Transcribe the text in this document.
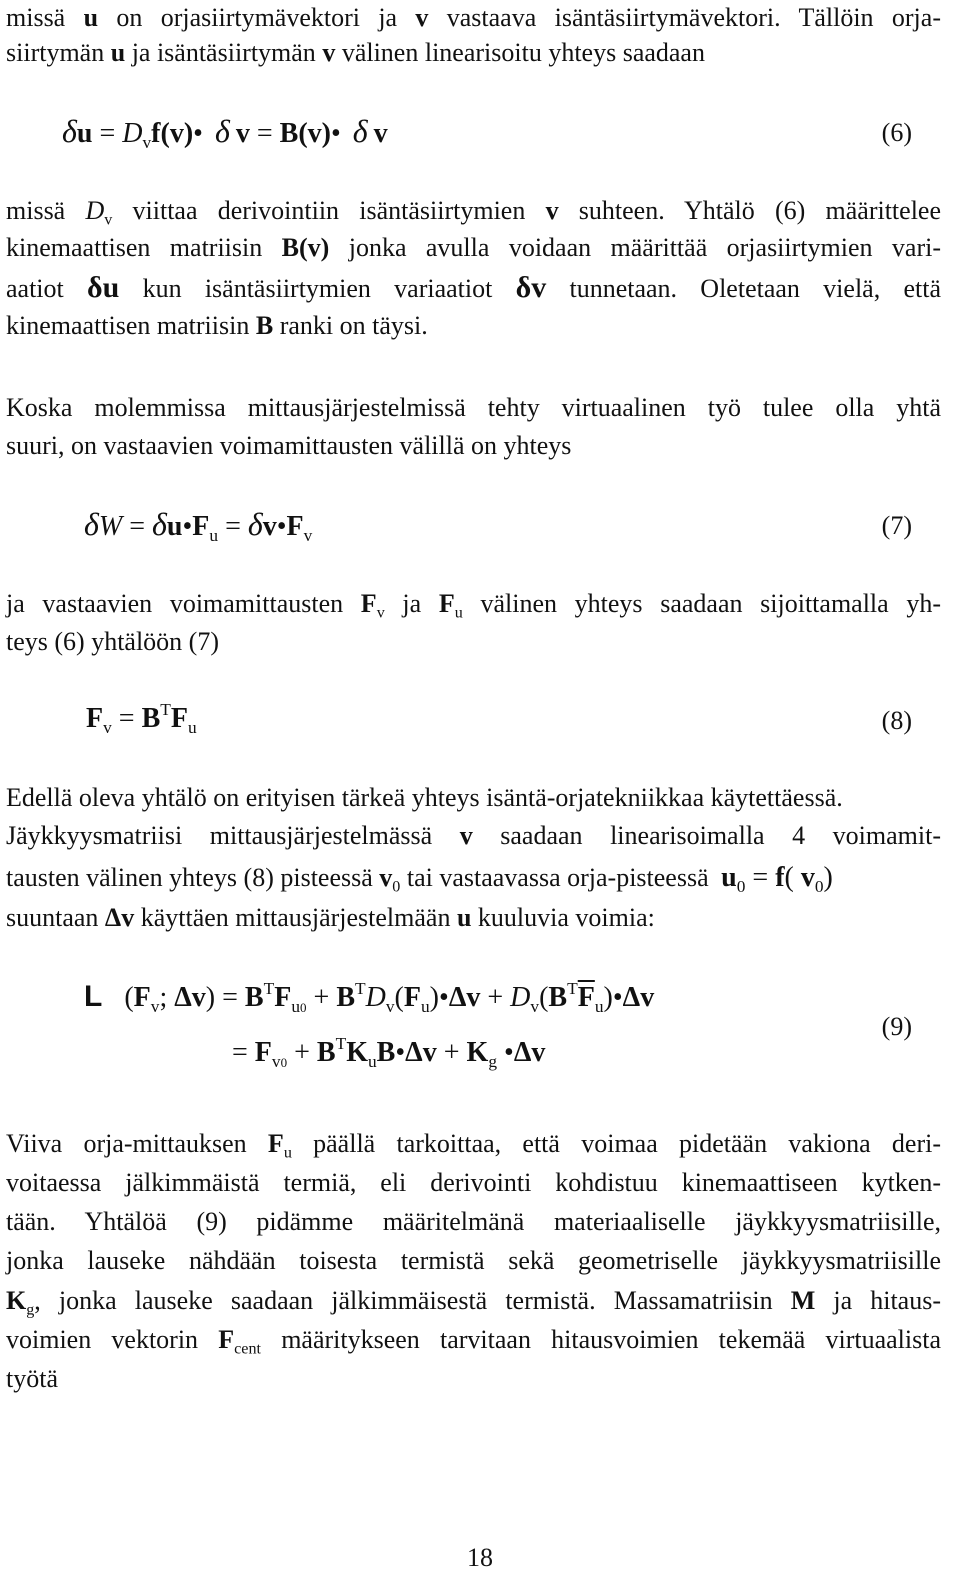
missä u on orjasiirtymävektori ja v vastaava isäntäsiirtymävektori. Tällöin orja-

siirtymän u ja isäntäsiirtymän v välinen linearisoitu yhteys saadaan

$\delta u = D_vf(v)•$ δ v = B(v)• δ v	(6)

missä $D_v$ viittaa derivointiin isäntäsiirtymien v suhteen. Yhtälö (6) määrittelee

kinemaattisen matriisin B(v) jonka avulla voidaan määrittää orjasiirtymien vari-

aatiot δu kun isäntäsiirtymien variaatiot δv tunnetaan. Oletetaan vielä, että

kinemaattisen matriisin B ranki on täysi.

Koska molemmissa mittausjärjestelmissä tehty virtuaalinen työ tulee olla yhtä

suuri, on vastaavien voimamittausten välillä on yhteys

$\delta W = \delta u•F_u$ = $\delta v•F_v$	(7)

ja vastaavien voimamittausten $F_v$ ja $F_u$ välinen yhteys saadaan sijoittamalla yh-

teys (6) yhtälöön (7)

$F_v = B^TF_u$	(8)

Edellä oleva yhtälö on erityisen tärkeä yhteys isäntä-orjatekniikkaa käytettäessä.

Jäykkyysmatriisi mittausjärjestelmässä v saadaan linearisoimalla 4 voimamit-

tausten välinen yhteys (8) pisteessä $v_0$ tai vastaavassa orja-pisteessä $u_0 = f$( $v_0$)

suuntaan Δv käyttäen mittausjärjestelmään u kuuluvia voimia:

L ($F_v$; $\Delta v) = B^TF_{u0}$ + $B^TD_v(F_u)•\Delta v$ + $D_v(B^T\overline{F}_u)•\Delta v$
= $F_{v0}$ + $B^TK_uB•\Delta v + K_g$ •Δv
(9)

Viiva orja-mittauksen $F_u$ päällä tarkoittaa, että voimaa pidetään vakiona deri-

voitaessa jälkimmäistä termiä, eli derivointi kohdistuu kinemaattiseen kytken-

tään. Yhtälöä (9) pidämme määritelmänä materiaaliselle jäykkyysmatriisille,

jonka lauseke nähdään toisesta termistä sekä geometriselle jäykkyysmatriisille

$K_g$, jonka lauseke saadaan jälkimmäisestä termistä. Massamatriisin M ja hitaus-

voimien vektorin $F_{cent}$ määritykseen tarvitaan hitausvoimien tekemää virtuaalista

työtä

18
